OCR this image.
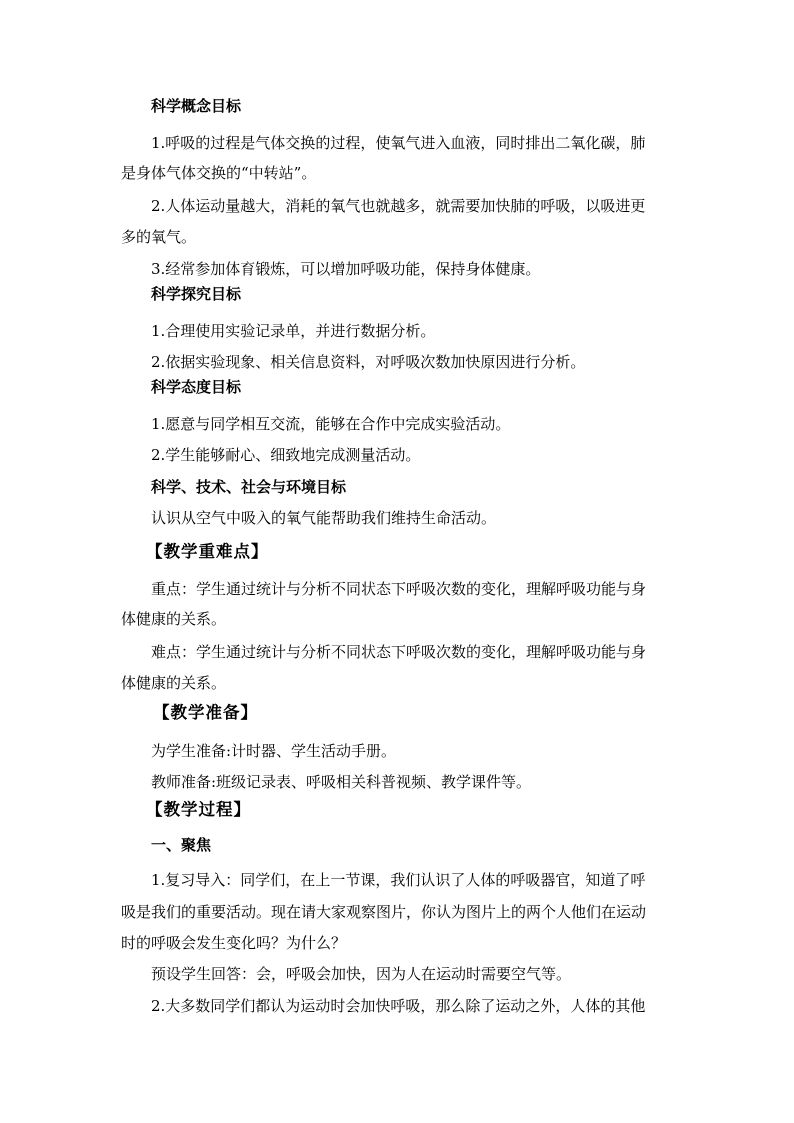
科学概念目标
1.呼吸的过程是气体交换的过程，使氧气进入血液，同时排出二氧化碳，肺
是身体气体交换的“中转站”。
2.人体运动量越大，消耗的氧气也就越多，就需要加快肺的呼吸，以吸进更
多的氧气。
3.经常参加体育锻炼，可以增加呼吸功能，保持身体健康。
科学探究目标
1.合理使用实验记录单，并进行数据分析。
2.依据实验现象、相关信息资料，对呼吸次数加快原因进行分析。
科学态度目标
1.愿意与同学相互交流，能够在合作中完成实验活动。
2.学生能够耐心、细致地完成测量活动。
科学、技术、社会与环境目标
认识从空气中吸入的氧气能帮助我们维持生命活动。
【教学重难点】
重点：学生通过统计与分析不同状态下呼吸次数的变化，理解呼吸功能与身
体健康的关系。
难点：学生通过统计与分析不同状态下呼吸次数的变化，理解呼吸功能与身
体健康的关系。
【教学准备】
为学生准备:计时器、学生活动手册。
教师准备:班级记录表、呼吸相关科普视频、教学课件等。
【教学过程】
一、聚焦
1.复习导入：同学们，在上一节课，我们认识了人体的呼吸器官，知道了呼
吸是我们的重要活动。现在请大家观察图片，你认为图片上的两个人他们在运动
时的呼吸会发生变化吗？为什么？
预设学生回答：会，呼吸会加快，因为人在运动时需要空气等。
2.大多数同学们都认为运动时会加快呼吸，那么除了运动之外，人体的其他
